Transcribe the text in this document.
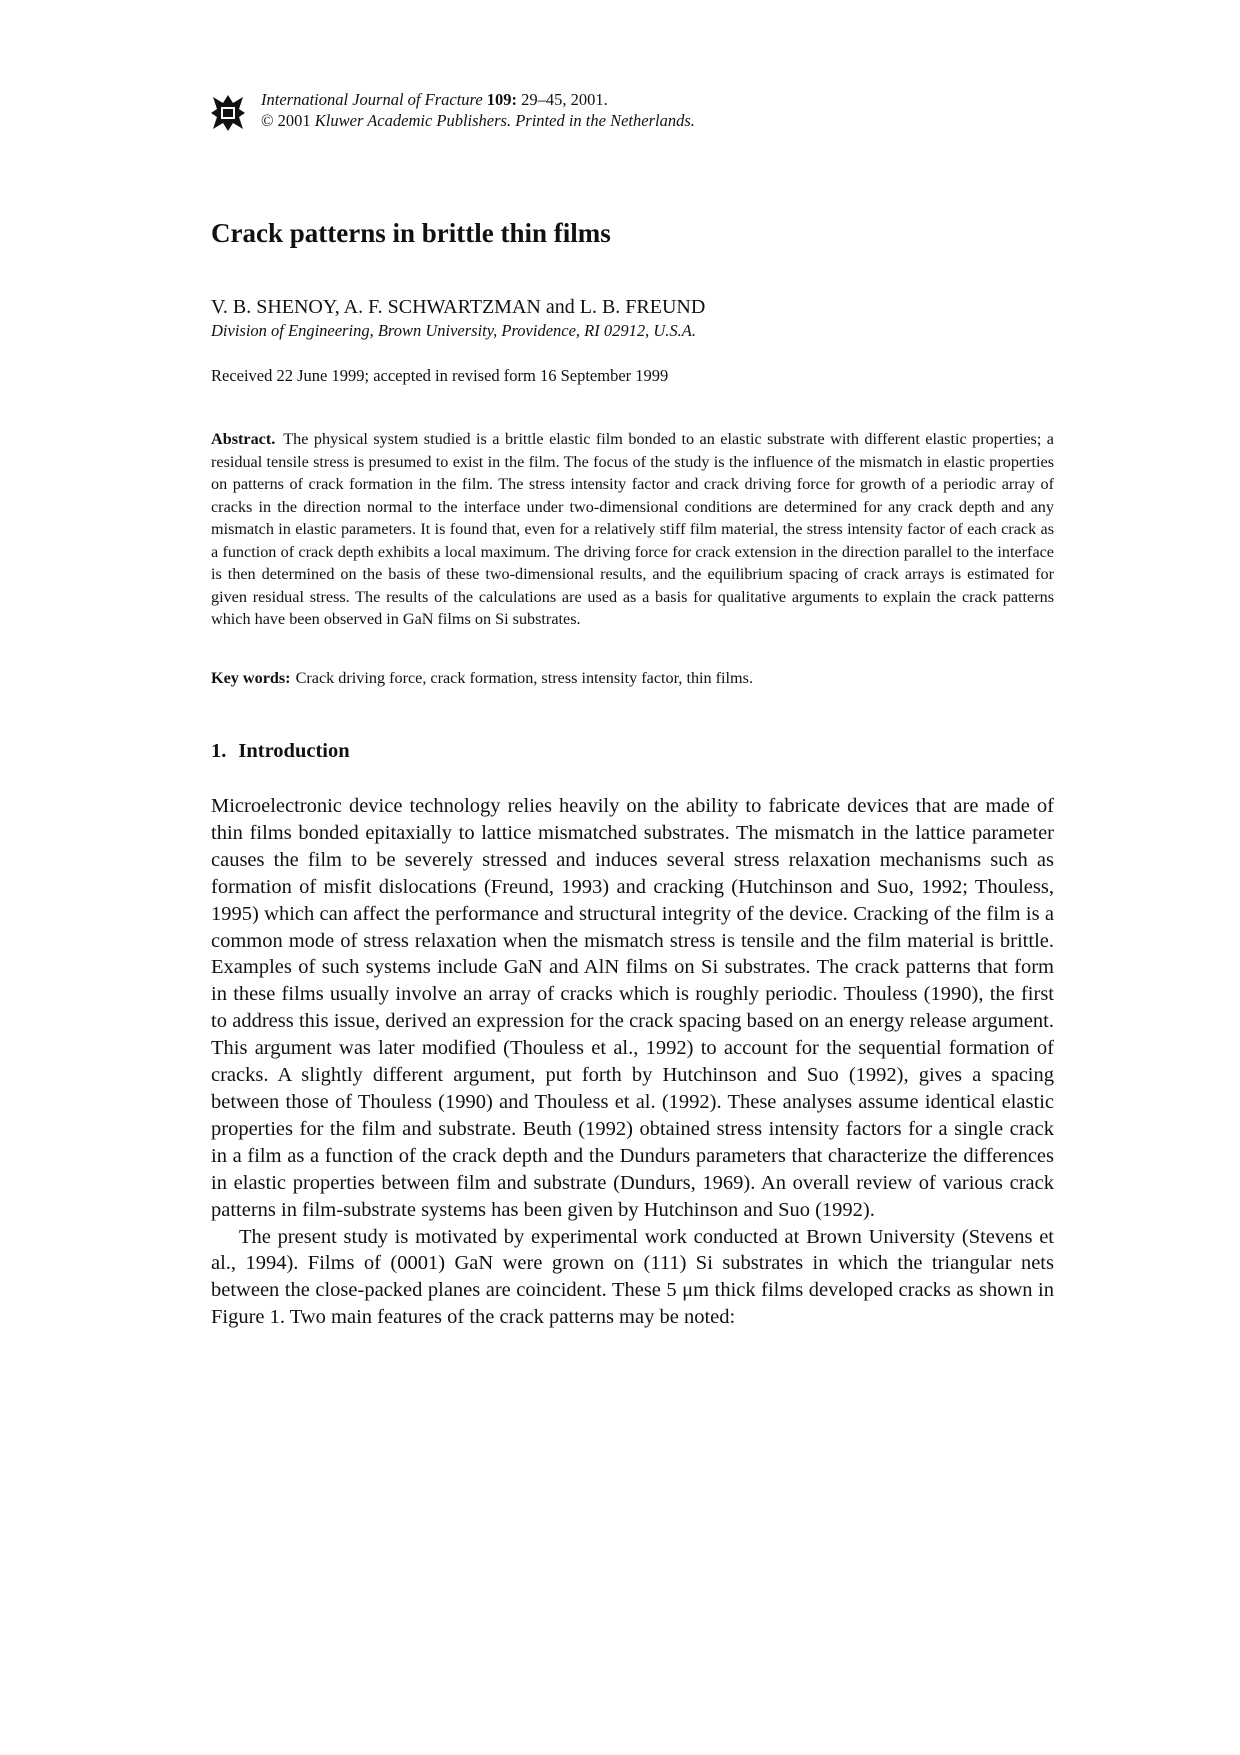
International Journal of Fracture 109: 29–45, 2001.
© 2001 Kluwer Academic Publishers. Printed in the Netherlands.
Crack patterns in brittle thin films
V. B. SHENOY, A. F. SCHWARTZMAN and L. B. FREUND
Division of Engineering, Brown University, Providence, RI 02912, U.S.A.
Received 22 June 1999; accepted in revised form 16 September 1999

Abstract. The physical system studied is a brittle elastic film bonded to an elastic substrate with different elastic properties; a residual tensile stress is presumed to exist in the film. The focus of the study is the influence of the mismatch in elastic properties on patterns of crack formation in the film. The stress intensity factor and crack driving force for growth of a periodic array of cracks in the direction normal to the interface under two-dimensional conditions are determined for any crack depth and any mismatch in elastic parameters. It is found that, even for a relatively stiff film material, the stress intensity factor of each crack as a function of crack depth exhibits a local maximum. The driving force for crack extension in the direction parallel to the interface is then determined on the basis of these two-dimensional results, and the equilibrium spacing of crack arrays is estimated for given residual stress. The results of the calculations are used as a basis for qualitative arguments to explain the crack patterns which have been observed in GaN films on Si substrates.

Key words: Crack driving force, crack formation, stress intensity factor, thin films.
1. Introduction

Microelectronic device technology relies heavily on the ability to fabricate devices that are made of thin films bonded epitaxially to lattice mismatched substrates. The mismatch in the lattice parameter causes the film to be severely stressed and induces several stress relaxation mechanisms such as formation of misfit dislocations (Freund, 1993) and cracking (Hutchinson and Suo, 1992; Thouless, 1995) which can affect the performance and structural integrity of the device. Cracking of the film is a common mode of stress relaxation when the mismatch stress is tensile and the film material is brittle. Examples of such systems include GaN and AlN films on Si substrates. The crack patterns that form in these films usually involve an array of cracks which is roughly periodic. Thouless (1990), the first to address this issue, derived an expression for the crack spacing based on an energy release argument. This argument was later modified (Thouless et al., 1992) to account for the sequential formation of cracks. A slightly different argument, put forth by Hutchinson and Suo (1992), gives a spacing between those of Thouless (1990) and Thouless et al. (1992). These analyses assume identical elastic properties for the film and substrate. Beuth (1992) obtained stress intensity factors for a single crack in a film as a function of the crack depth and the Dundurs parameters that characterize the differences in elastic properties between film and substrate (Dundurs, 1969). An overall review of various crack patterns in film-substrate systems has been given by Hutchinson and Suo (1992).

The present study is motivated by experimental work conducted at Brown University (Stevens et al., 1994). Films of (0001) GaN were grown on (111) Si substrates in which the triangular nets between the close-packed planes are coincident. These 5 μm thick films developed cracks as shown in Figure 1. Two main features of the crack patterns may be noted:
